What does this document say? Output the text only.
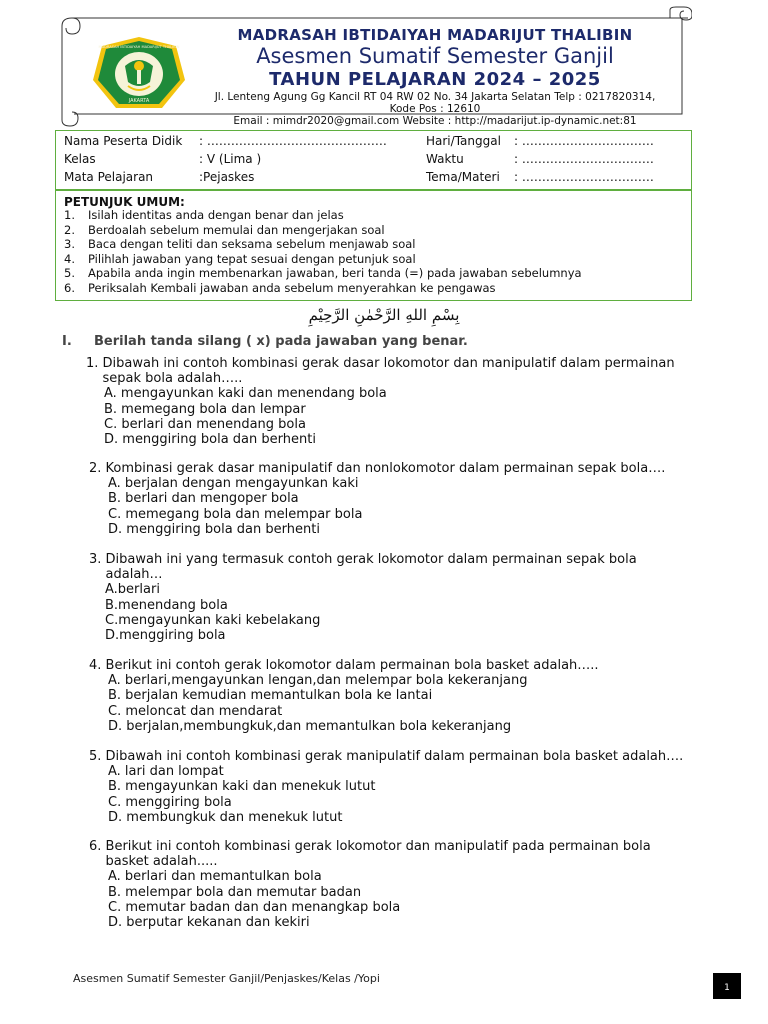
JAKARTA
MADRASAH IBTIDAIYAH MADARIJUT THALIBIN
MADRASAH IBTIDAIYAH MADARIJUT THALIBIN
Asesmen Sumatif Semester Ganjil
TAHUN PELAJARAN 2024 – 2025
Jl. Lenteng Agung Gg Kancil RT 04 RW 02 No. 34 Jakarta Selatan Telp : 0217820314,
Kode Pos : 12610
Email : mimdr2020@gmail.com Website : http://madarijut.ip-dynamic.net:81
Nama Peserta Didik : ………………………………………	Hari/Tanggal : ……………………………
Kelas	: V (Lima )	Waktu	: ……………………………
Mata Pelajaran	:Pejaskes	Tema/Materi : ……………………………
PETUNJUK UMUM:
1. Isilah identitas anda dengan benar dan jelas
2. Berdoalah sebelum memulai dan mengerjakan soal
3. Baca dengan teliti dan seksama sebelum menjawab soal
4. Pilihlah jawaban yang tepat sesuai dengan petunjuk soal
5. Apabila anda ingin membenarkan jawaban, beri tanda (=) pada jawaban sebelumnya
6. Periksalah Kembali jawaban anda sebelum menyerahkan ke pengawas
بِسْمِ اللهِ الرَّحْمٰنِ الرَّحِيْمِ
I. Berilah tanda silang ( x) pada jawaban yang benar.
1. Dibawah ini contoh kombinasi gerak dasar lokomotor dan manipulatif dalam permainan
sepak bola adalah…..
A. mengayunkan kaki dan menendang bola
B. memegang bola dan lempar
C. berlari dan menendang bola
D. menggiring bola dan berhenti
2. Kombinasi gerak dasar manipulatif dan nonlokomotor dalam permainan sepak bola….
A. berjalan dengan mengayunkan kaki
B. berlari dan mengoper bola
C. memegang bola dan melempar bola
D. menggiring bola dan berhenti
3. Dibawah ini yang termasuk contoh gerak lokomotor dalam permainan sepak bola
adalah…
A.berlari
B.menendang bola
C.mengayunkan kaki kebelakang
D.menggiring bola
4. Berikut ini contoh gerak lokomotor dalam permainan bola basket adalah…..
A. berlari,mengayunkan lengan,dan melempar bola kekeranjang
B. berjalan kemudian memantulkan bola ke lantai
C. meloncat dan mendarat
D. berjalan,membungkuk,dan memantulkan bola kekeranjang
5. Dibawah ini contoh kombinasi gerak manipulatif dalam permainan bola basket adalah….
A. lari dan lompat
B. mengayunkan kaki dan menekuk lutut
C. menggiring bola
D. membungkuk dan menekuk lutut
6. Berikut ini contoh kombinasi gerak lokomotor dan manipulatif pada permainan bola
basket adalah.....
A. berlari dan memantulkan bola
B. melempar bola dan memutar badan
C. memutar badan dan dan menangkap bola
D. berputar kekanan dan kekiri
Asesmen Sumatif Semester Ganjil/Penjaskes/Kelas /Yopi
1
